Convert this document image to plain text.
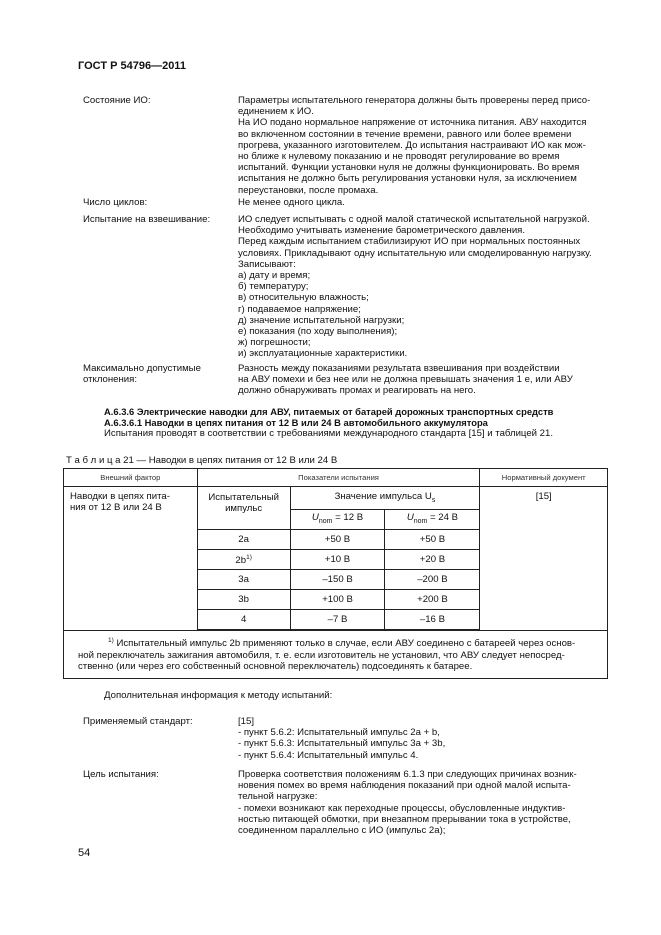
ГОСТ Р 54796—2011
Состояние ИО:	Параметры испытательного генератора должны быть проверены перед присо-
единением к ИО.
На ИО подано нормальное напряжение от источника питания. АВУ находится
во включенном состоянии в течение времени, равного или более времени
прогрева, указанного изготовителем. До испытания настраивают ИО как мож-
но ближе к нулевому показанию и не проводят регулирование во время
испытаний. Функции установки нуля не должны функционировать. Во время
испытания не должно быть регулирования установки нуля, за исключением
переустановки, после промаха.
Число циклов:	Не менее одного цикла.
Испытание на взвешивание:	ИО следует испытывать с одной малой статической испытательной нагрузкой.
Необходимо учитывать изменение барометрического давления.
Перед каждым испытанием стабилизируют ИО при нормальных постоянных
условиях. Прикладывают одну испытательную или смоделированную нагрузку.
Записывают:
а) дату и время;
б) температуру;
в) относительную влажность;
г) подаваемое напряжение;
д) значение испытательной нагрузки;
е) показания (по ходу выполнения);
ж) погрешности;
и) эксплуатационные характеристики.
Максимально допустимые
отклонения:
Разность между показаниями результата взвешивания при воздействии
на АВУ помехи и без нее или не должна превышать значения 1 e, или АВУ
должно обнаруживать промах и реагировать на него.
A.6.3.6 Электрические наводки для АВУ, питаемых от батарей дорожных транспортных средств
A.6.3.6.1 Наводки в цепях питания от 12 В или 24 В автомобильного аккумулятора
Испытания проводят в соответствии с требованиями международного стандарта [15] и таблицей 21.
Т а б л и ц а 21 — Наводки в цепях питания от 12 В или 24 В
Внешний фактор	Показатели испытания			Нормативный документ

Наводки в цепях пита-ния от 12 В или 24 В	Испытательный импульс	Значение импульса $U_s$		[15]
		$U_{nom} = 12$ В	$U_{nom} = 24$ В	
	2a	+50 В	+50 В	
	$2b^{1)}$	+10 В	+20 В	
	3a	–150 В	–200 В	
	3b	+100 В	+200 В	
	4	–7 В	–16 В	

$^{1)}$ Испытательный импульс 2b применяют только в случае, если АВУ соединено с батареей через основ-
ной переключатель зажигания автомобиля, т. е. если изготовитель не установил, что АВУ следует непосред-
ственно (или через его собственный основной переключатель) подсоединять к батарее.				
Дополнительная информация к методу испытаний:
Применяемый стандарт:	[15]
- пункт 5.6.2: Испытательный импульс 2а + b,
- пункт 5.6.3: Испытательный импульс 3а + 3b,
- пункт 5.6.4: Испытательный импульс 4.
Цель испытания:	Проверка соответствия положениям 6.1.3 при следующих причинах возник-
новения помех во время наблюдения показаний при одной малой испыта-
тельной нагрузке:
- помехи возникают как переходные процессы, обусловленные индуктив-
ностью питающей обмотки, при внезапном прерывании тока в устройстве,
соединенном параллельно с ИО (импульс 2а);
54
